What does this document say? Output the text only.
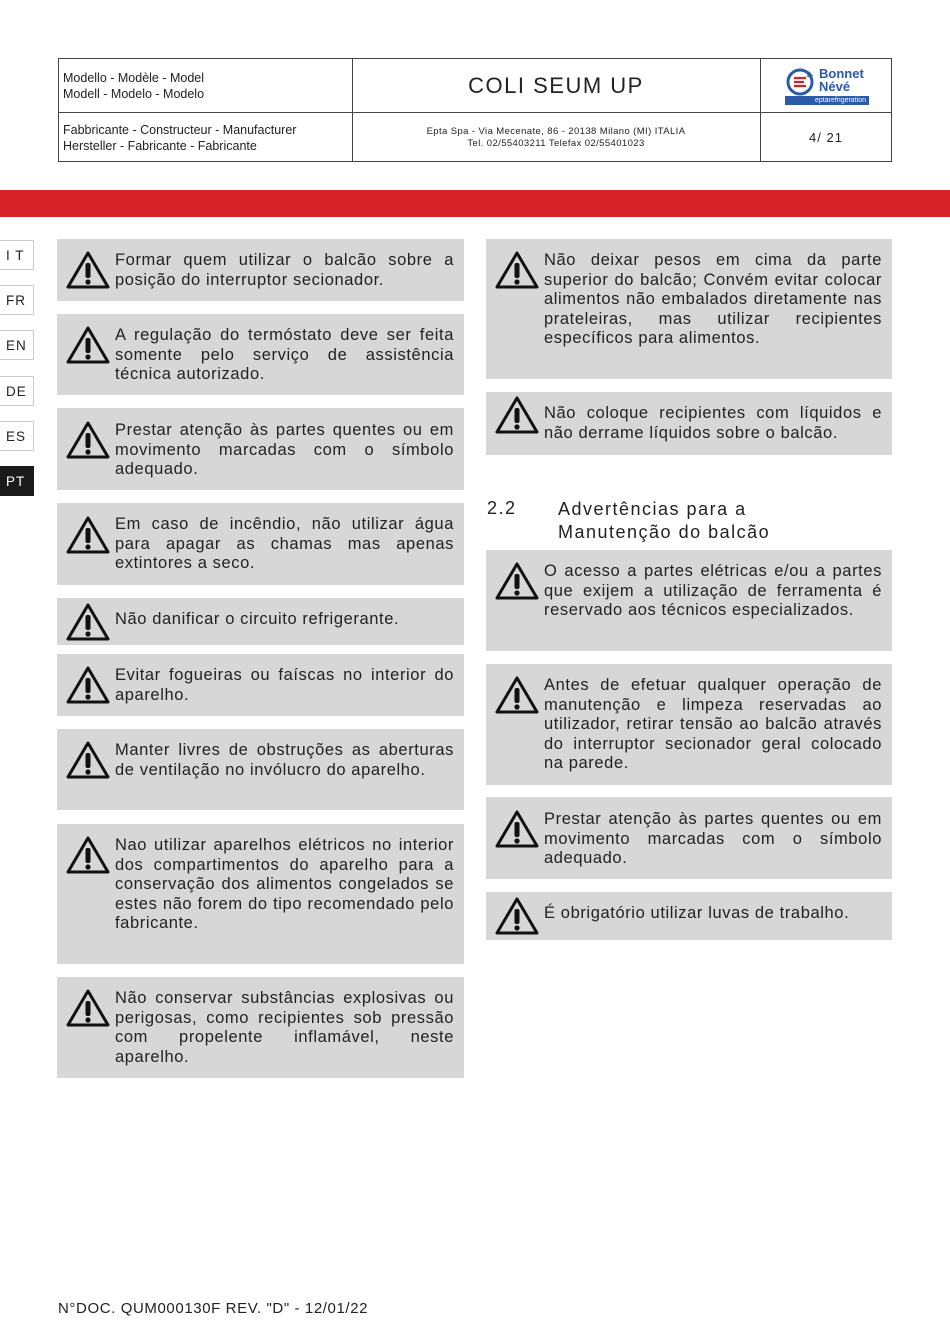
Modello - Modèle - Model
Modell - Modelo - Modelo
Fabbricante - Constructeur - Manufacturer
Hersteller - Fabricante - Fabricante
COLI SEUM UP
Epta Spa - Via Mecenate, 86 - 20138 Milano (MI) ITALIA
Tel. 02/55403211 Telefax 02/55401023
Bonnet
Névé
eptarefrigeration
4/ 21
I T
FR
EN
DE
ES
PT
Formar quem utilizar o balcão sobre a posição do interruptor secionador.
A regulação do termóstato deve ser feita somente pelo serviço de assistência técnica autorizado.
Prestar atenção às partes quentes ou em movimento marcadas com o símbolo adequado.
Em caso de incêndio, não utilizar água para apagar as chamas mas apenas extintores a seco.
Não danificar o circuito refrigerante.
Evitar fogueiras ou faíscas no interior do aparelho.
Manter livres de obstruções as aberturas de ventilação no invólucro do aparelho.
Nao utilizar aparelhos elétricos no interior dos compartimentos do aparelho para a conservação dos alimentos congelados se estes não forem do tipo recomendado pelo fabricante.
Não conservar substâncias explosivas ou perigosas, como recipientes sob pressão com propelente inflamável, neste aparelho.
Não deixar pesos em cima da parte superior do balcão; Convém evitar colocar alimentos não embalados diretamente nas prateleiras, mas utilizar recipientes específicos para alimentos.
Não coloque recipientes com líquidos e não derrame líquidos sobre o balcão.
2.2 Advertências para a Manutenção do balcão
O acesso a partes elétricas e/ou a partes que exijem a utilização de ferramenta é reservado aos técnicos especializados.
Antes de efetuar qualquer operação de manutenção e limpeza reservadas ao utilizador, retirar tensão ao balcão através do interruptor secionador geral colocado na parede.
Prestar atenção às partes quentes ou em movimento marcadas com o símbolo adequado.
É obrigatório utilizar luvas de trabalho.
N°DOC. QUM000130F REV. "D" - 12/01/22
